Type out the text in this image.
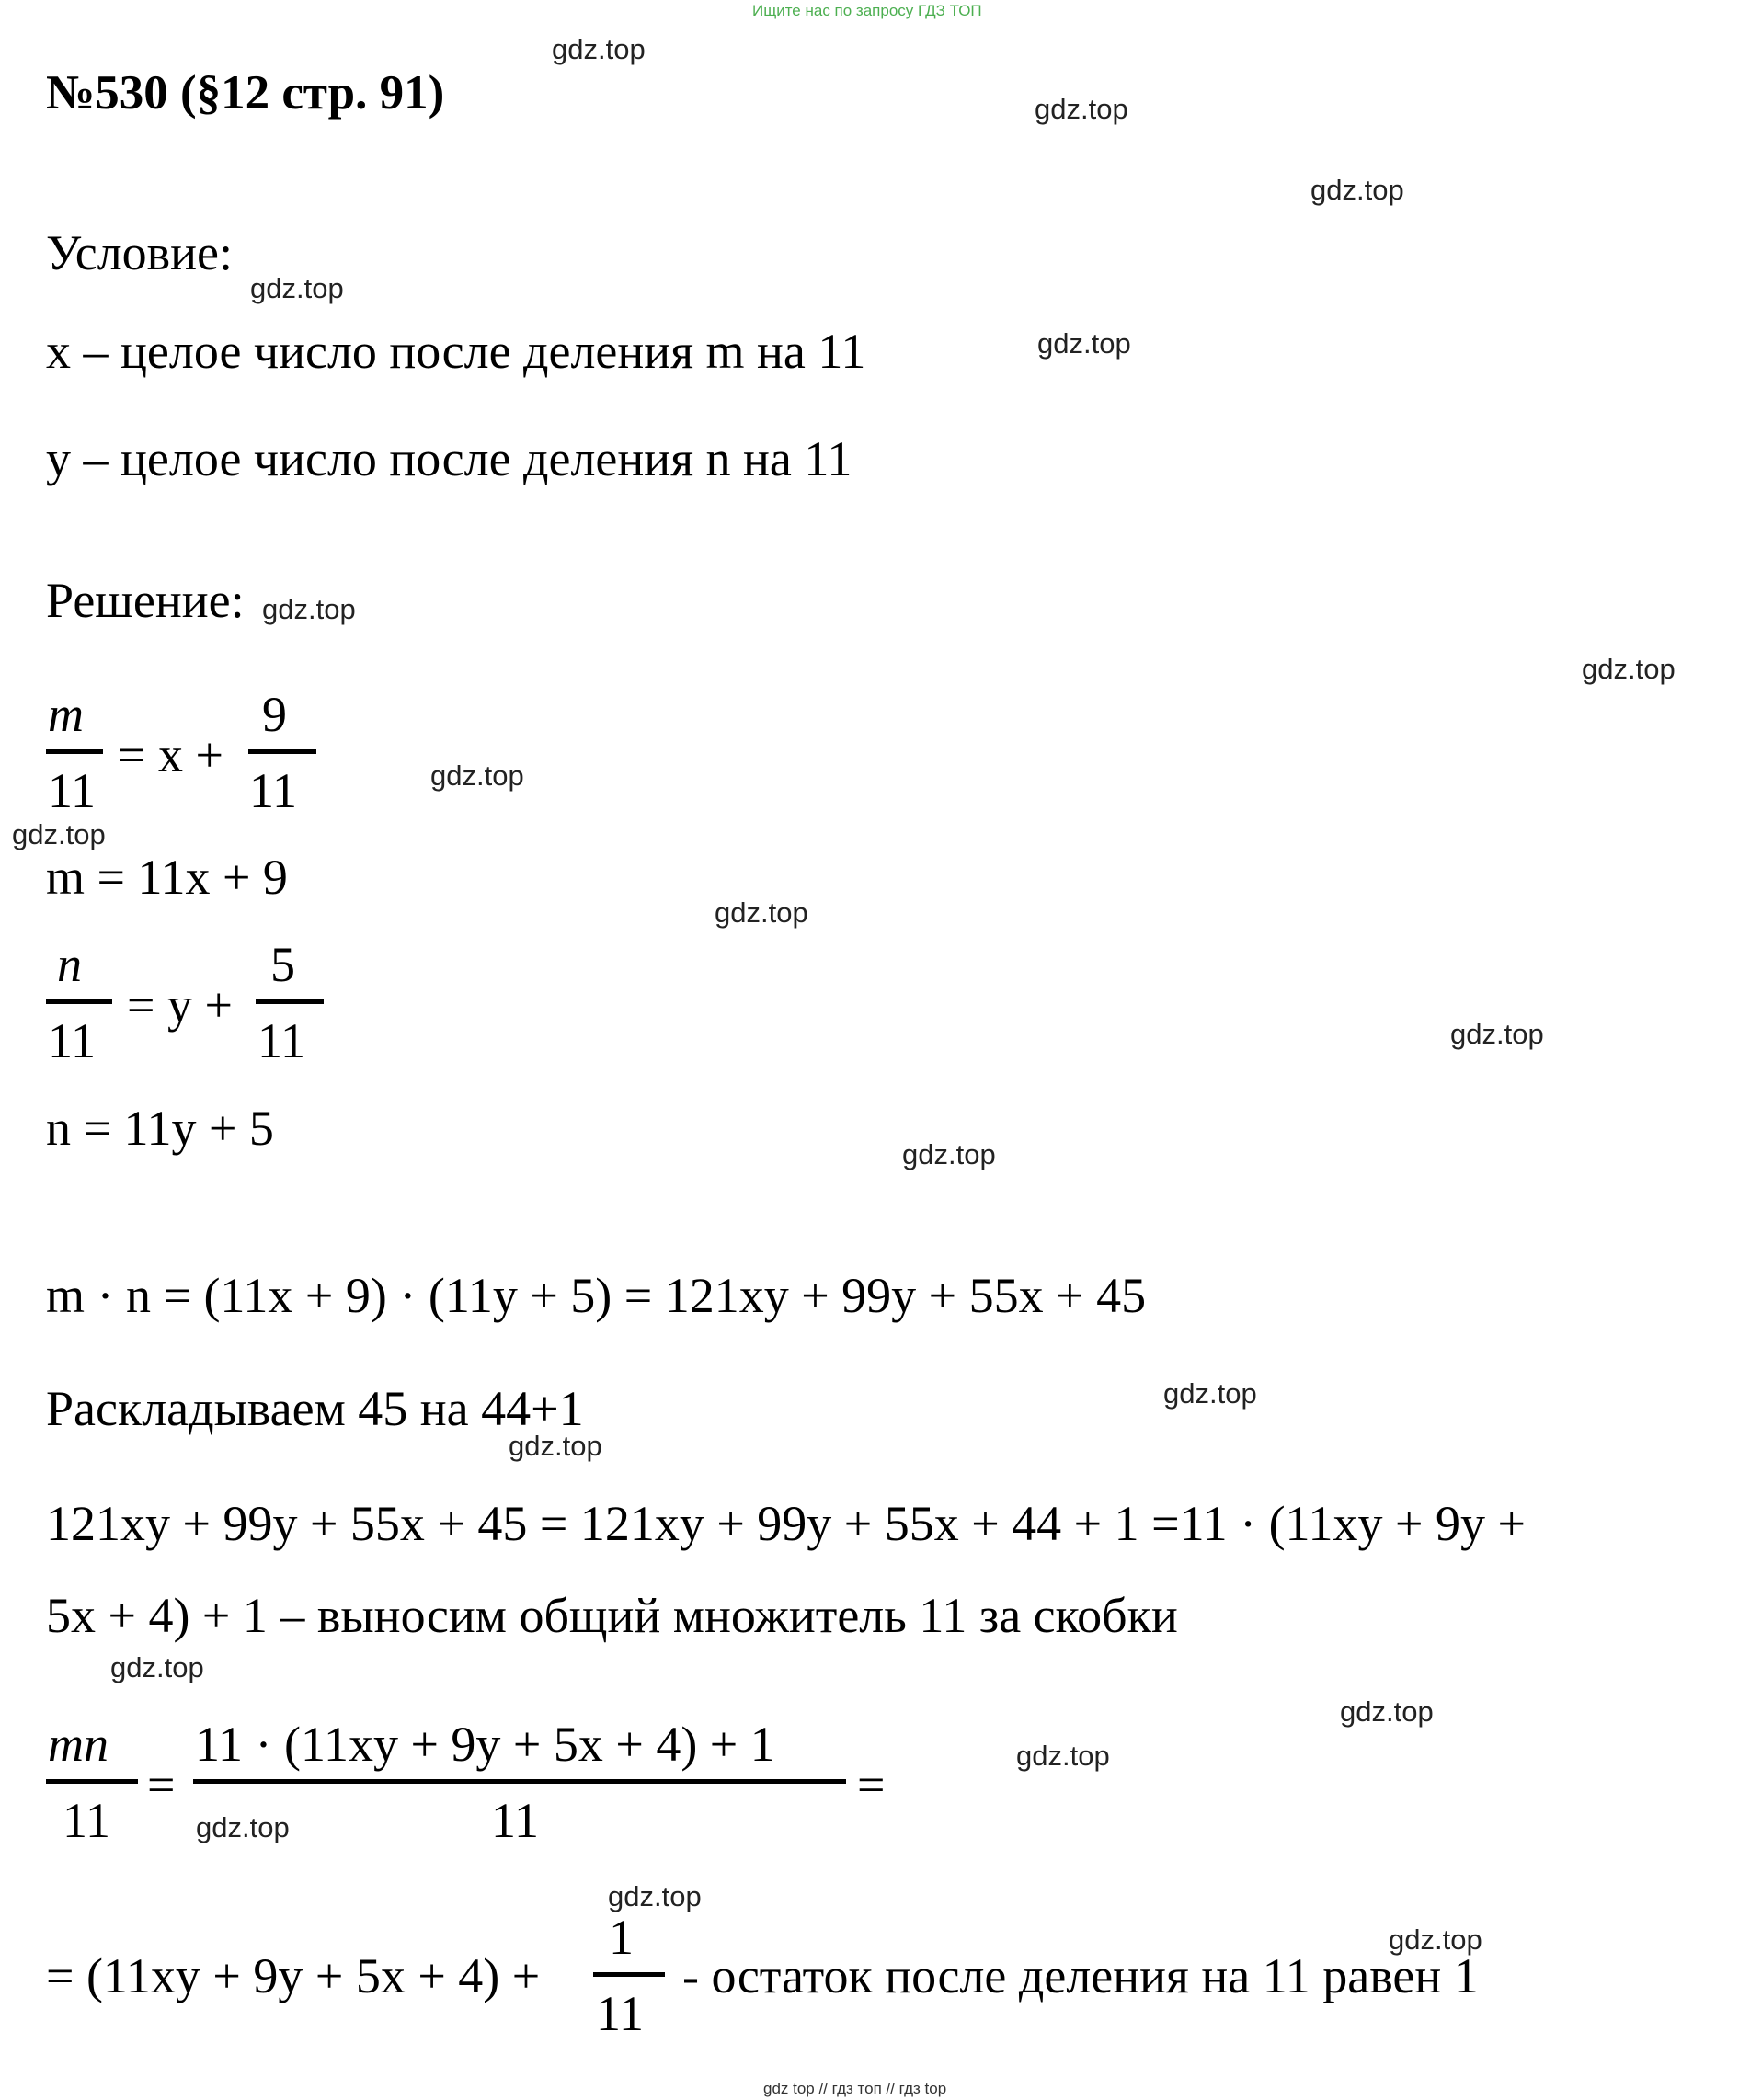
Ищите нас по запросу ГДЗ ТОП
№530 (§12 стр. 91)
Условие:
x – целое число после деления m на 11
y – целое число после деления n на 11
Решение:
m
11
= x +
9
11
m = 11x + 9
n
11
= y +
5
11
n = 11y + 5
m · n = (11x + 9) · (11y + 5) = 121xy + 99y + 55x + 45
Раскладываем 45 на 44+1
121xy + 99y + 55x + 45 = 121xy + 99y + 55x + 44 + 1 =11 · (11xy + 9y +
5x + 4) + 1 – выносим общий множитель 11 за скобки
mn
11
=
11 · (11xy + 9y + 5x + 4) + 1
11
=
= (11xy + 9y + 5x + 4) +
1
11
- остаток после деления на 11 равен 1
gdz.top
gdz.top
gdz.top
gdz.top
gdz.top
gdz.top
gdz.top
gdz.top
gdz.top
gdz.top
gdz.top
gdz.top
gdz.top
gdz.top
gdz.top
gdz.top
gdz.top
gdz.top
gdz.top
gdz.top
gdz top // гдз топ // гдз top
